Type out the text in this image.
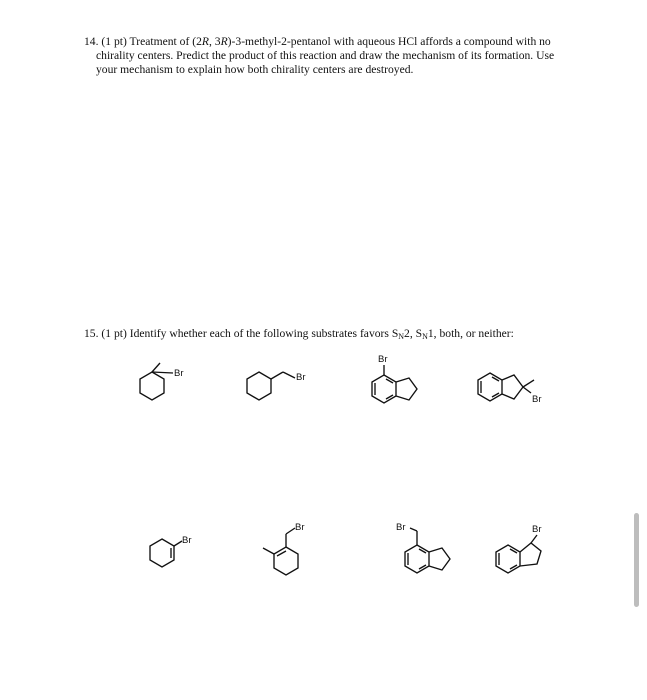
14. (1 pt) Treatment of (2R, 3R)-3-methyl-2-pentanol with aqueous HCl affords a compound with no chirality centers. Predict the product of this reaction and draw the mechanism of its formation. Use your mechanism to explain how both chirality centers are destroyed.
15. (1 pt) Identify whether each of the following substrates favors $S_N2$, $S_N1$, both, or neither:
Br	Br
Br
Br
Br
Br	Br	Br
